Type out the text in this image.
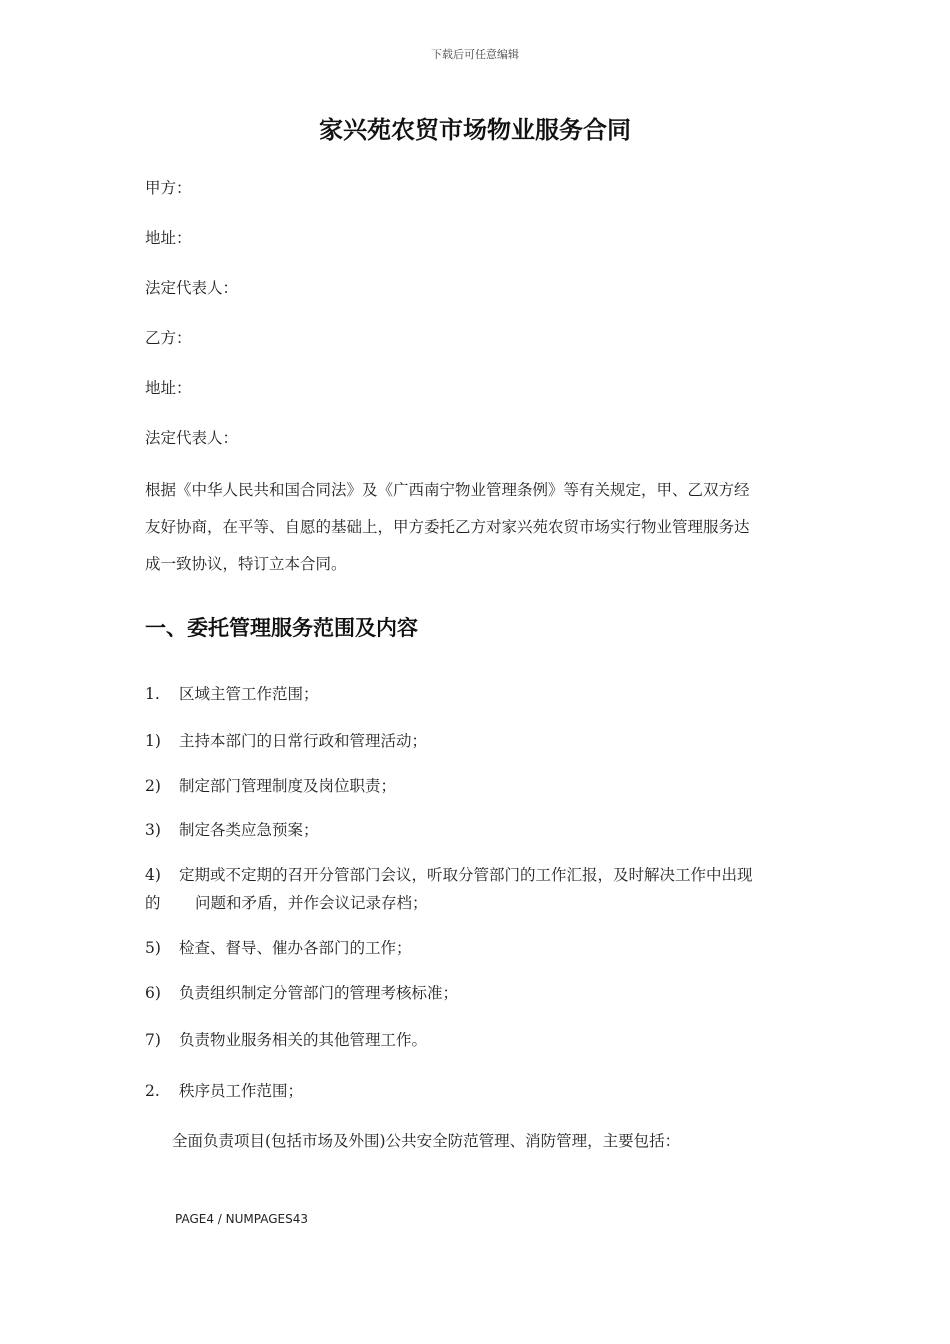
下载后可任意编辑
家兴苑农贸市场物业服务合同
甲方：
地址：
法定代表人：
乙方：
地址：
法定代表人：
根据《中华人民共和国合同法》及《广西南宁物业管理条例》等有关规定，甲、乙双方经
友好协商，在平等、自愿的基础上，甲方委托乙方对家兴苑农贸市场实行物业管理服务达
成一致协议，特订立本合同。
一、委托管理服务范围及内容
1. 区域主管工作范围；
1) 主持本部门的日常行政和管理活动；
2) 制定部门管理制度及岗位职责；
3) 制定各类应急预案；
4) 定期或不定期的召开分管部门会议，听取分管部门的工作汇报，及时解决工作中出现
的 问题和矛盾，并作会议记录存档；
5) 检查、督导、催办各部门的工作；
6) 负责组织制定分管部门的管理考核标准；
7) 负责物业服务相关的其他管理工作。
2. 秩序员工作范围；
全面负责项目(包括市场及外围)公共安全防范管理、消防管理，主要包括：
PAGE4 / NUMPAGES43
